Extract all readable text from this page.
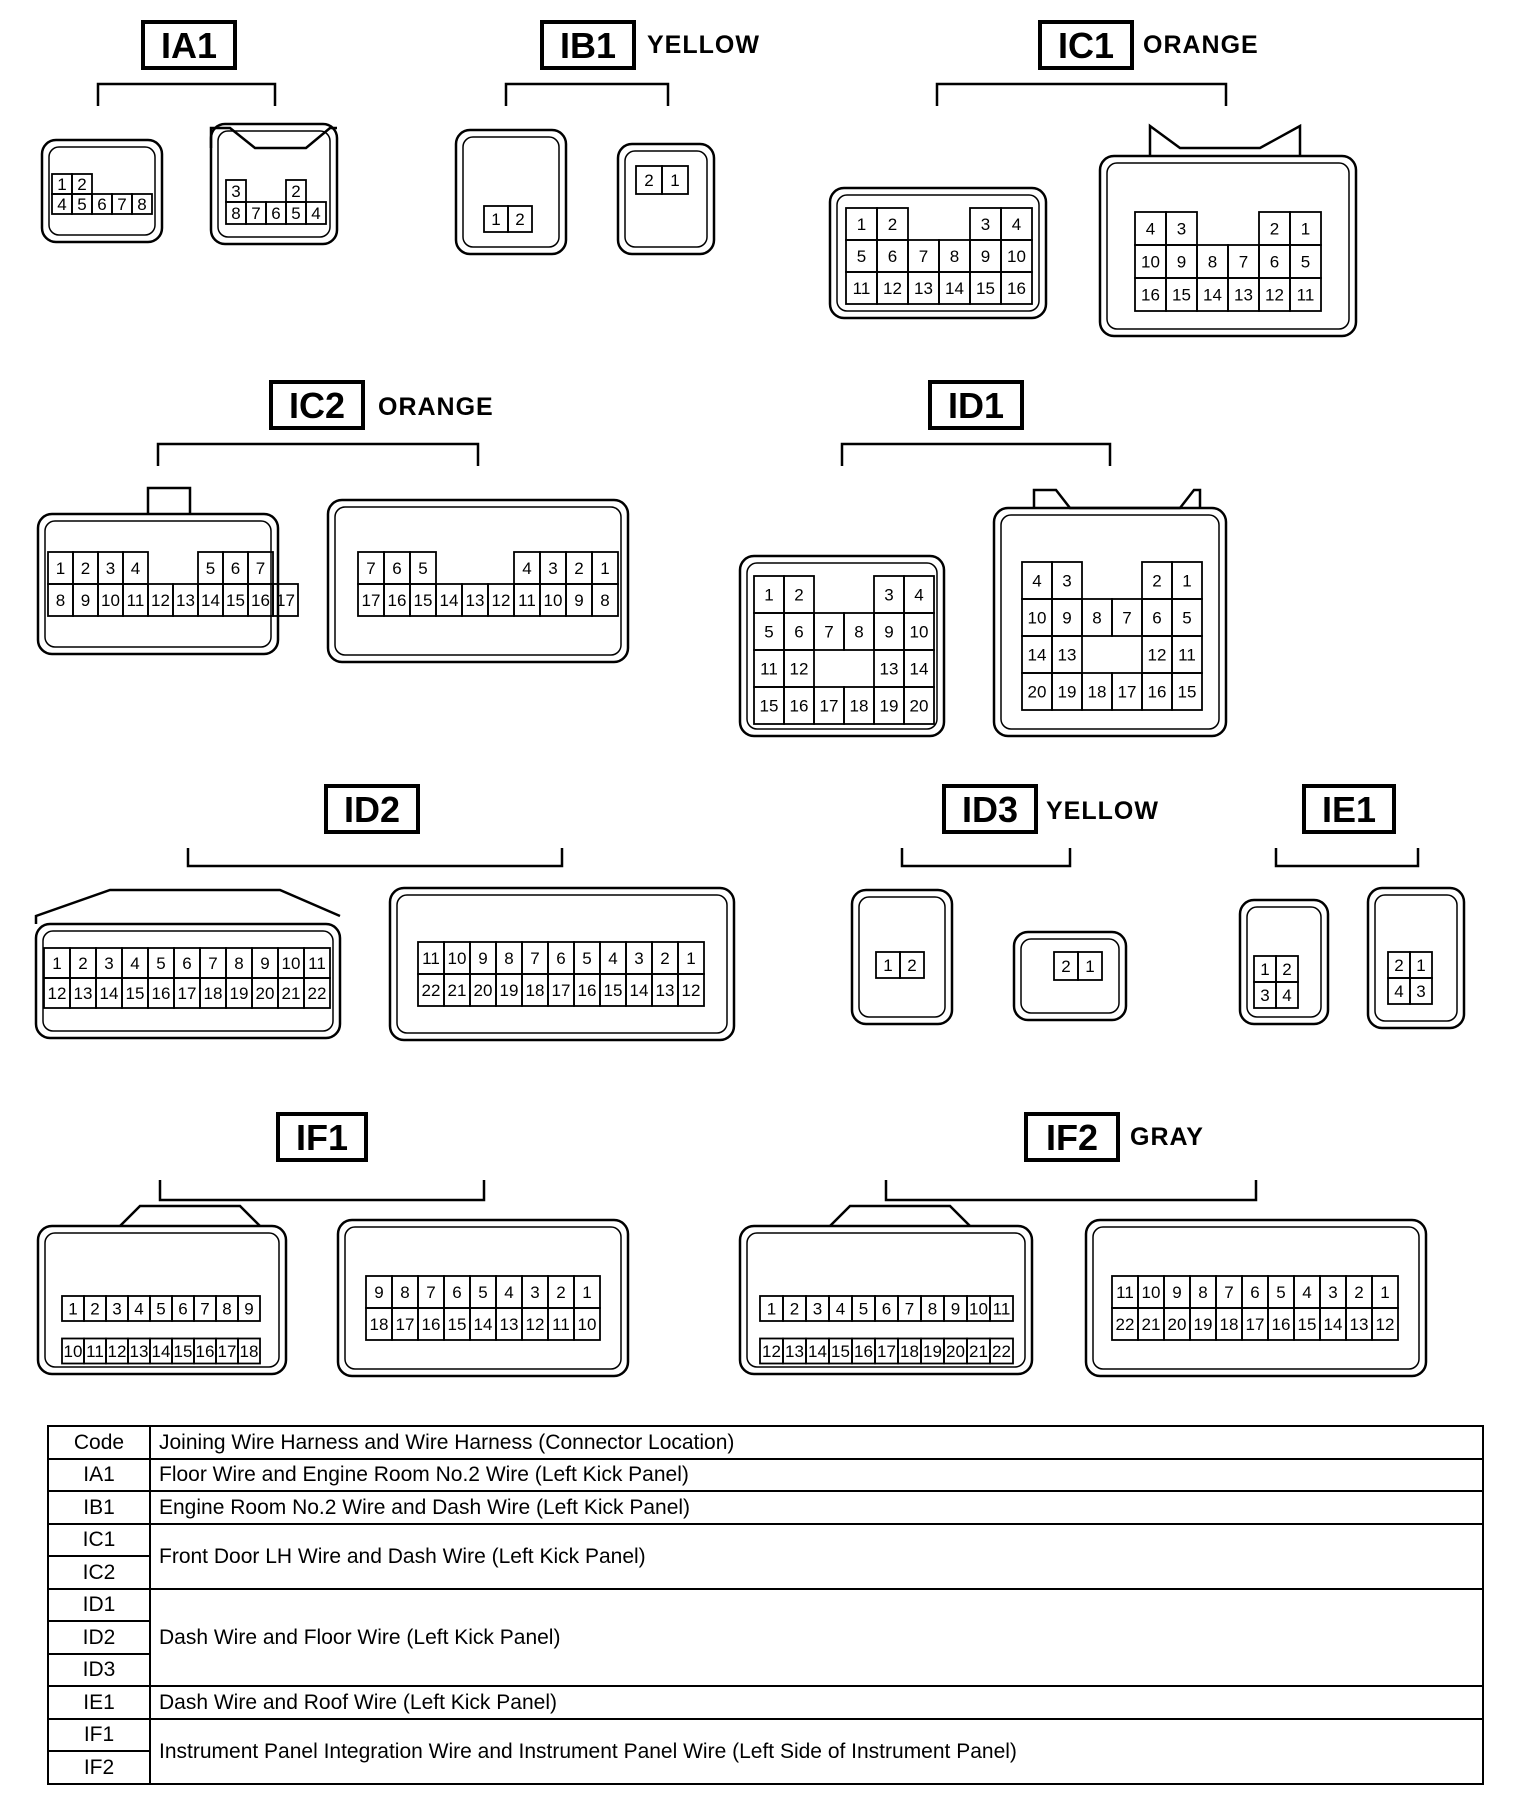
IA1
1 2
4 5 6 7 8
3	2
8 7 6 5 4
IB1 YELLOW
1 2
2 1
IC1 ORANGE
1 2	3 4
5 6 7 8 9 10
11 12 13 14 15 16
4 3	2 1
10 9 8 7 6 5
16 15 14 13 12 11
IC2 ORANGE
1 2 3 4	5 6 7
8 9 10 11 12 13 14 15 16 17
7 6 5	4 3 2 1
17 16 15 14 13 12 11 10 9 8
ID1
1 2	3 4
5 6 7 8 9 10
11 12	13 14
15 16 17 18 19 20
4 3	2 1
10 9 8 7 6 5
14 13	12 11
20 19 18 17 16 15
ID2
1 2 3 4 5 6 7 8 9 10 11
12 13 14 15 16 17 18 19 20 21 22
11 10 9 8 7 6 5 4 3 2 1
22 21 20 19 18 17 16 15 14 13 12
ID3 YELLOW
1 2	2 1
IE1
1 2
3 4
2 1
4 3
IF1
1 2 3 4 5 6 7 8 9
10 11 12 13 14 15 16 17 18
9 8 7 6 5 4 3 2 1
18 17 16 15 14 13 12 11 10
IF2 GRAY
1 2 3 4 5 6 7 8 9 10 11
12 13 14 15 16 17 18 19 20 21 22
11 10 9 8 7 6 5 4 3 2 1
22 21 20 19 18 17 16 15 14 13 12
Code	Joining Wire Harness and Wire Harness (Connector Location)
IA1	Floor Wire and Engine Room No.2 Wire (Left Kick Panel)
IB1	Engine Room No.2 Wire and Dash Wire (Left Kick Panel)
IC1	Front Door LH Wire and Dash Wire (Left Kick Panel)
IC2	
ID1	Dash Wire and Floor Wire (Left Kick Panel)
ID2	
ID3	
IE1	Dash Wire and Roof Wire (Left Kick Panel)
IF1	Instrument Panel Integration Wire and Instrument Panel Wire (Left Side of Instrument Panel)
IF2	
